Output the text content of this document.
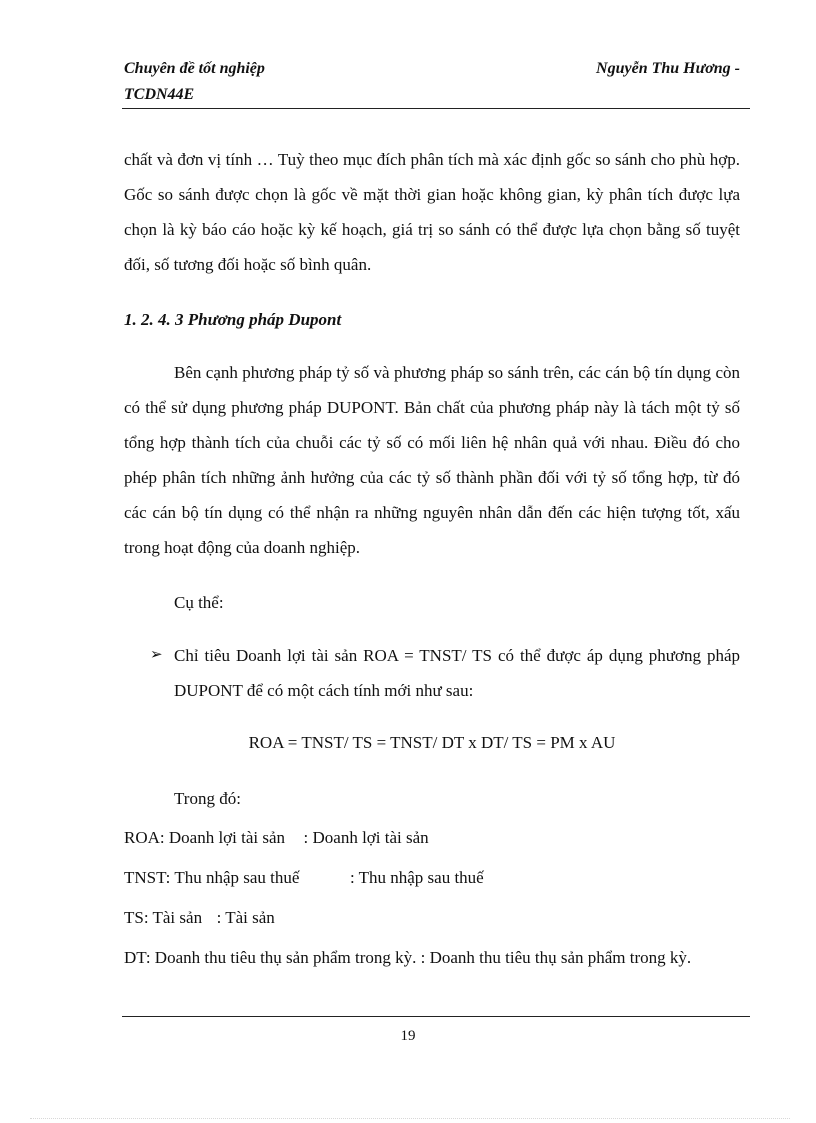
Chuyên đề tốt nghiệp	Nguyễn Thu Hương -
TCDN44E

chất và đơn vị tính … Tuỳ theo mục đích phân tích mà xác định gốc so sánh cho phù hợp. Gốc so sánh được chọn là gốc về mặt thời gian hoặc không gian, kỳ phân tích được lựa chọn là kỳ báo cáo hoặc kỳ kế hoạch, giá trị so sánh có thể được lựa chọn bằng số tuyệt đối, số tương đối hoặc số bình quân.

1. 2. 4. 3 Phương pháp Dupont

Bên cạnh phương pháp tỷ số và phương pháp so sánh trên, các cán bộ tín dụng còn có thể sử dụng phương pháp DUPONT. Bản chất của phương pháp này là tách một tỷ số tổng hợp thành tích của chuỗi các tỷ số có mối liên hệ nhân quả với nhau. Điều đó cho phép phân tích những ảnh hưởng của các tỷ số thành phần đối với tỷ số tổng hợp, từ đó các cán bộ tín dụng có thể nhận ra những nguyên nhân dẫn đến các hiện tượng tốt, xấu trong hoạt động của doanh nghiệp.

Cụ thể:
➢ Chỉ tiêu Doanh lợi tài sản ROA = TNST/ TS có thể được áp dụng phương pháp DUPONT để có một cách tính mới như sau:
ROA = TNST/ TS = TNST/ DT x DT/ TS = PM x AU
Trong đó:
ROA: Doanh lợi tài sản : Doanh lợi tài sản
TNST: Thu nhập sau thuế	: Thu nhập sau thuế
TS: Tài sản : Tài sản

DT: Doanh thu tiêu thụ sản phẩm trong kỳ. : Doanh thu tiêu thụ sản phẩm trong kỳ.

19
